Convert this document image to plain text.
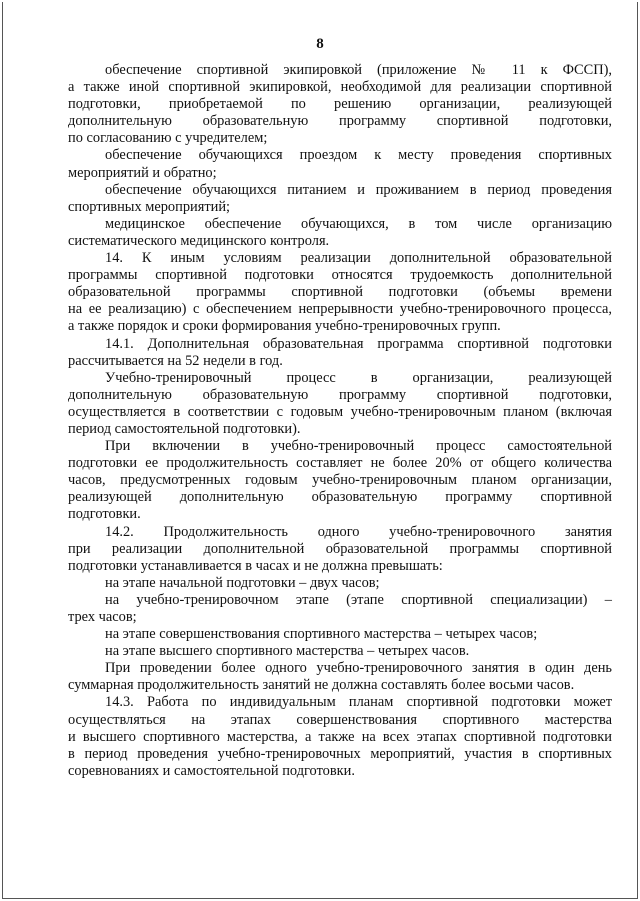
8
обеспечение спортивной экипировкой (приложение № 11 к ФССП),
а также иной спортивной экипировкой, необходимой для реализации спортивной
подготовки, приобретаемой по решению организации, реализующей
дополнительную образовательную программу спортивной подготовки,
по согласованию с учредителем;
обеспечение обучающихся проездом к месту проведения спортивных
мероприятий и обратно;
обеспечение обучающихся питанием и проживанием в период проведения
спортивных мероприятий;
медицинское обеспечение обучающихся, в том числе организацию
систематического медицинского контроля.
14. К иным условиям реализации дополнительной образовательной
программы спортивной подготовки относятся трудоемкость дополнительной
образовательной программы спортивной подготовки (объемы времени
на ее реализацию) с обеспечением непрерывности учебно-тренировочного процесса,
а также порядок и сроки формирования учебно-тренировочных групп.
14.1. Дополнительная образовательная программа спортивной подготовки
рассчитывается на 52 недели в год.
Учебно-тренировочный процесс в организации, реализующей
дополнительную образовательную программу спортивной подготовки,
осуществляется в соответствии с годовым учебно-тренировочным планом (включая
период самостоятельной подготовки).
При включении в учебно-тренировочный процесс самостоятельной
подготовки ее продолжительность составляет не более 20% от общего количества
часов, предусмотренных годовым учебно-тренировочным планом организации,
реализующей дополнительную образовательную программу спортивной
подготовки.
14.2. Продолжительность одного учебно-тренировочного занятия
при реализации дополнительной образовательной программы спортивной
подготовки устанавливается в часах и не должна превышать:
на этапе начальной подготовки – двух часов;
на учебно-тренировочном этапе (этапе спортивной специализации) –
трех часов;
на этапе совершенствования спортивного мастерства – четырех часов;
на этапе высшего спортивного мастерства – четырех часов.
При проведении более одного учебно-тренировочного занятия в один день
суммарная продолжительность занятий не должна составлять более восьми часов.
14.3. Работа по индивидуальным планам спортивной подготовки может
осуществляться на этапах совершенствования спортивного мастерства
и высшего спортивного мастерства, а также на всех этапах спортивной подготовки
в период проведения учебно-тренировочных мероприятий, участия в спортивных
соревнованиях и самостоятельной подготовки.
